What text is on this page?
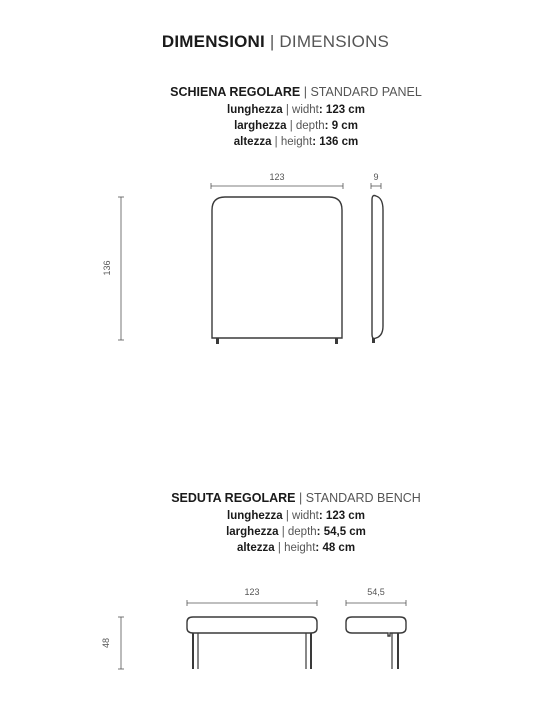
DIMENSIONI | DIMENSIONS
SCHIENA REGOLARE | STANDARD PANEL
lunghezza | widht: 123 cm
larghezza | depth: 9 cm
altezza | height: 136 cm
123
136
9
123
48
54,5
SEDUTA REGOLARE | STANDARD BENCH
lunghezza | widht: 123 cm
larghezza | depth: 54,5 cm
altezza | height: 48 cm
